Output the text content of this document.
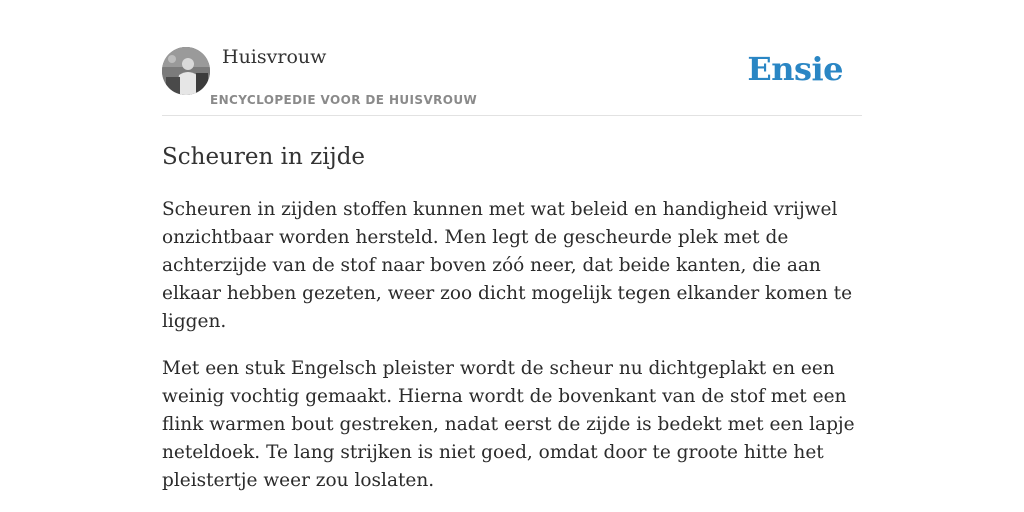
Huisvrouw
ENCYCLOPEDIE VOOR DE HUISVROUW
Ensie
Scheuren in zijde

Scheuren in zijden stoffen kunnen met wat beleid en handigheid vrijwel onzichtbaar worden hersteld. Men legt de gescheurde plek met de achterzijde van de stof naar boven zóó neer, dat beide kanten, die aan elkaar hebben gezeten, weer zoo dicht mogelijk tegen elkander komen te liggen.

Met een stuk Engelsch pleister wordt de scheur nu dichtgeplakt en een weinig vochtig gemaakt. Hierna wordt de bovenkant van de stof met een flink warmen bout gestreken, nadat eerst de zijde is bedekt met een lapje neteldoek. Te lang strijken is niet goed, omdat door te groote hitte het pleistertje weer zou loslaten.
